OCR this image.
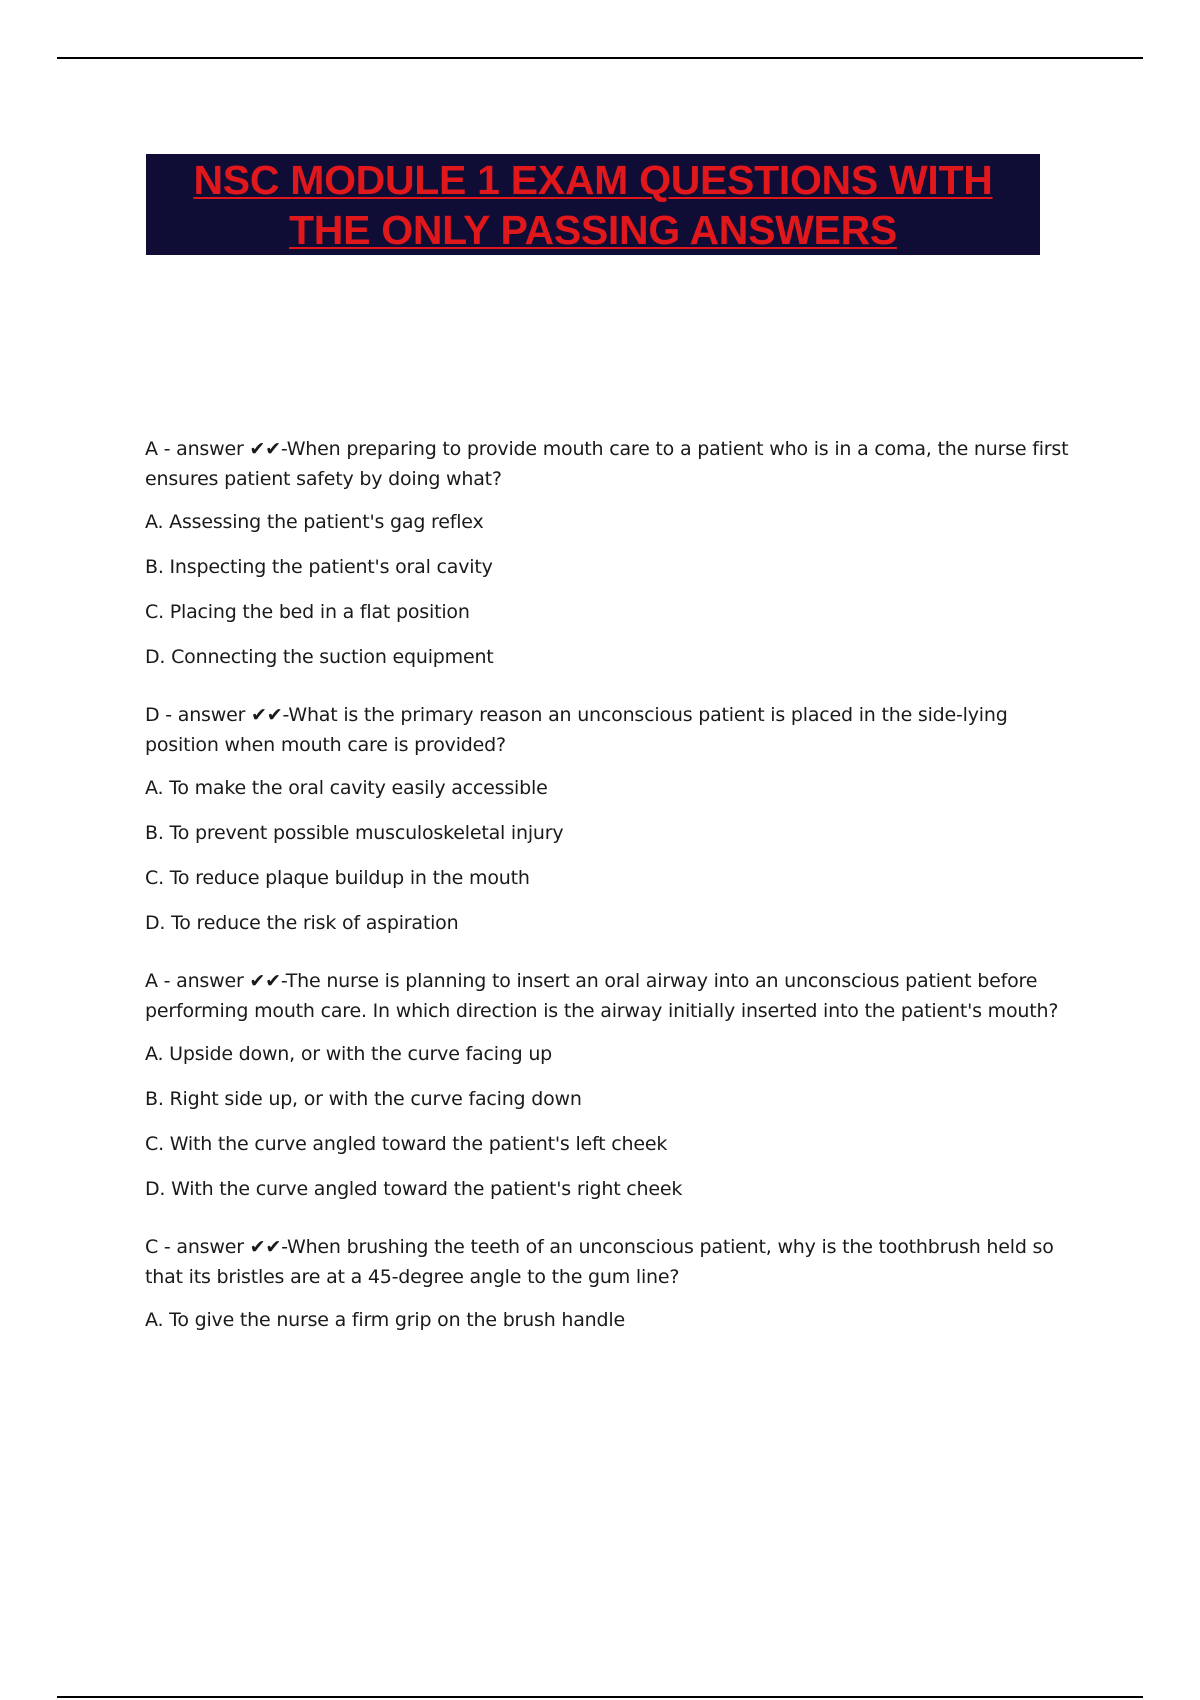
NSC MODULE 1 EXAM QUESTIONS WITH
THE ONLY PASSING ANSWERS

A - answer ✔✔-When preparing to provide mouth care to a patient who is in a coma, the nurse first ensures patient safety by doing what?

A. Assessing the patient's gag reflex

B. Inspecting the patient's oral cavity

C. Placing the bed in a flat position

D. Connecting the suction equipment

D - answer ✔✔-What is the primary reason an unconscious patient is placed in the side-lying position when mouth care is provided?

A. To make the oral cavity easily accessible

B. To prevent possible musculoskeletal injury

C. To reduce plaque buildup in the mouth

D. To reduce the risk of aspiration

A - answer ✔✔-The nurse is planning to insert an oral airway into an unconscious patient before performing mouth care. In which direction is the airway initially inserted into the patient's mouth?

A. Upside down, or with the curve facing up

B. Right side up, or with the curve facing down

C. With the curve angled toward the patient's left cheek

D. With the curve angled toward the patient's right cheek

C - answer ✔✔-When brushing the teeth of an unconscious patient, why is the toothbrush held so that its bristles are at a 45-degree angle to the gum line?

A. To give the nurse a firm grip on the brush handle
